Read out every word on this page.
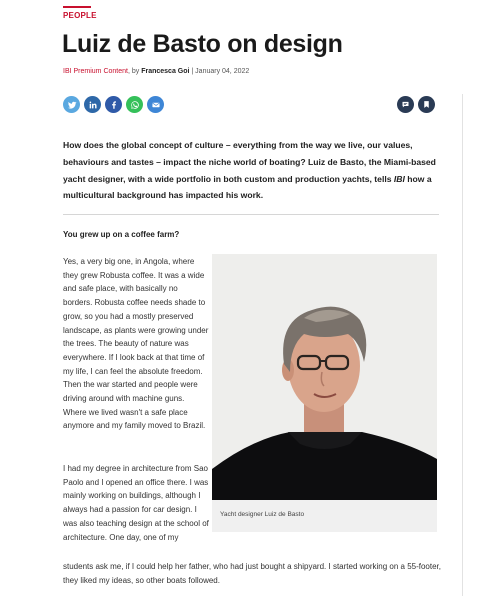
PEOPLE
Luiz de Basto on design
IBI Premium Content, by Francesca Goi | January 04, 2022

How does the global concept of culture – everything from the way we live, our values, behaviours and tastes – impact the niche world of boating? Luiz de Basto, the Miami-based yacht designer, with a wide portfolio in both custom and production yachts, tells IBI how a multicultural background has impacted his work.

You grew up on a coffee farm?

Yes, a very big one, in Angola, where they grew Robusta coffee. It was a wide and safe place, with basically no borders. Robusta coffee needs shade to grow, so you had a mostly preserved landscape, as plants were growing under the trees. The beauty of nature was everywhere. If I look back at that time of my life, I can feel the absolute freedom. Then the war started and people were driving around with machine guns. Where we lived wasn't a safe place anymore and my family moved to Brazil.

I had my degree in architecture from Sao Paolo and I opened an office there. I was mainly working on buildings, although I always had a passion for car design. I was also teaching design at the school of architecture. One day, one of my

students ask me, if I could help her father, who had just bought a shipyard. I started working on a 55-footer, they liked my ideas, so other boats followed.

Yacht designer Luiz de Basto
